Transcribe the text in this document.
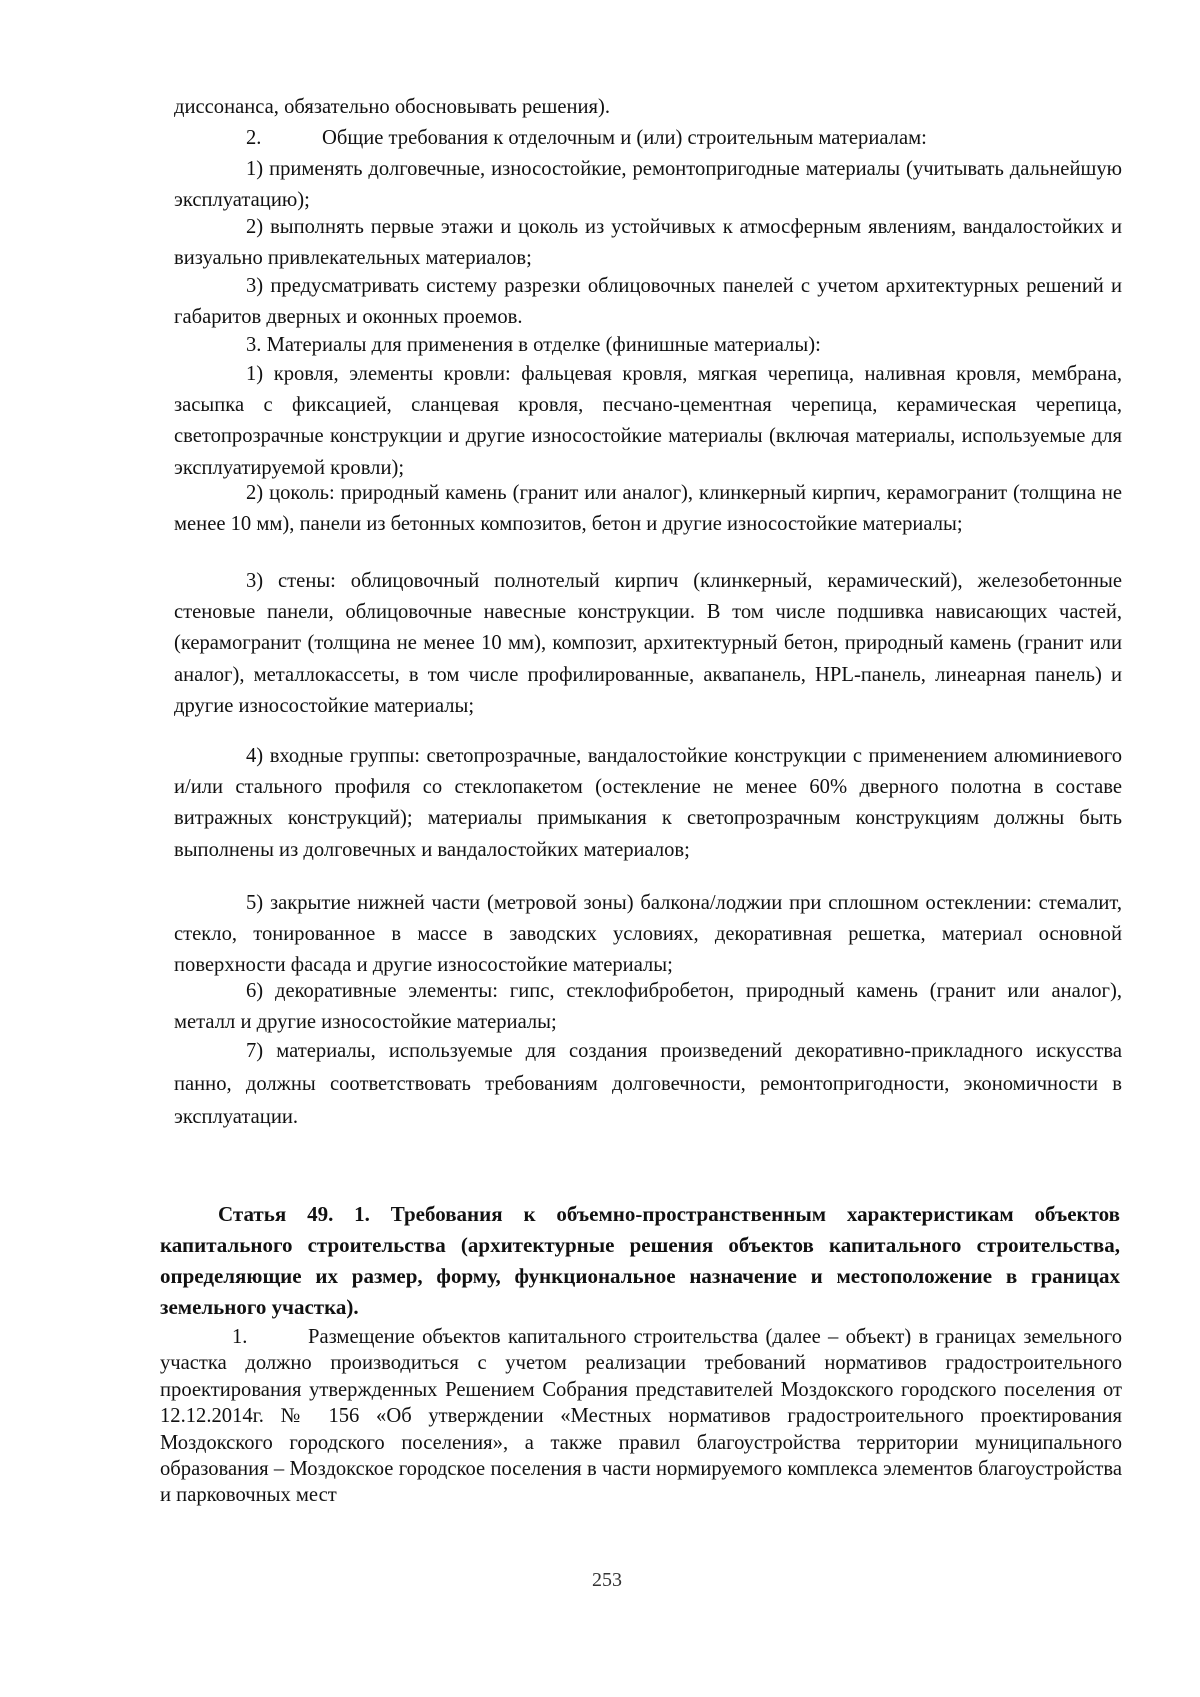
диссонанса, обязательно обосновывать решения).

2.	Общие требования к отделочным и (или) строительным материалам:

1) применять долговечные, износостойкие, ремонтопригодные материалы (учитывать дальнейшую эксплуатацию);

2) выполнять первые этажи и цоколь из устойчивых к атмосферным явлениям, вандалостойких и визуально привлекательных материалов;

3) предусматривать систему разрезки облицовочных панелей с учетом архитектурных решений и габаритов дверных и оконных проемов.

3. Материалы для применения в отделке (финишные материалы):

1) кровля, элементы кровли: фальцевая кровля, мягкая черепица, наливная кровля, мембрана, засыпка с фиксацией, сланцевая кровля, песчано-цементная черепица, керамическая черепица, светопрозрачные конструкции и другие износостойкие материалы (включая материалы, используемые для эксплуатируемой кровли);

2) цоколь: природный камень (гранит или аналог), клинкерный кирпич, керамогранит (толщина не менее 10 мм), панели из бетонных композитов, бетон и другие износостойкие материалы;

3) стены: облицовочный полнотелый кирпич (клинкерный, керамический), железобетонные стеновые панели, облицовочные навесные конструкции. В том числе подшивка нависающих частей, (керамогранит (толщина не менее 10 мм), композит, архитектурный бетон, природный камень (гранит или аналог), металлокассеты, в том числе профилированные, аквапанель, HPL-панель, линеарная панель) и другие износостойкие материалы;

4) входные группы: светопрозрачные, вандалостойкие конструкции с применением алюминиевого и/или стального профиля со стеклопакетом (остекление не менее 60% дверного полотна в составе витражных конструкций); материалы примыкания к светопрозрачным конструкциям должны быть выполнены из долговечных и вандалостойких материалов;

5) закрытие нижней части (метровой зоны) балкона/лоджии при сплошном остеклении: стемалит, стекло, тонированное в массе в заводских условиях, декоративная решетка, материал основной поверхности фасада и другие износостойкие материалы;

6) декоративные элементы: гипс, стеклофибробетон, природный камень (гранит или аналог), металл и другие износостойкие материалы;

7) материалы, используемые для создания произведений декоративно-прикладного искусства панно, должны соответствовать требованиям долговечности, ремонтопригодности, экономичности в эксплуатации.

Статья 49. 1. Требования к объемно-пространственным характеристикам объектов капитального строительства (архитектурные решения объектов капитального строительства, определяющие их размер, форму, функциональное назначение и местоположение в границах земельного участка).

1.	Размещение объектов капитального строительства (далее – объект) в границах земельного участка должно производиться с учетом реализации требований нормативов градостроительного проектирования утвержденных Решением Собрания представителей Моздокского городского поселения от 12.12.2014г. № 156 «Об утверждении «Местных нормативов градостроительного проектирования Моздокского городского поселения», а также правил благоустройства территории муниципального образования – Моздокское городское поселения в части нормируемого комплекса элементов благоустройства и парковочных мест

253
